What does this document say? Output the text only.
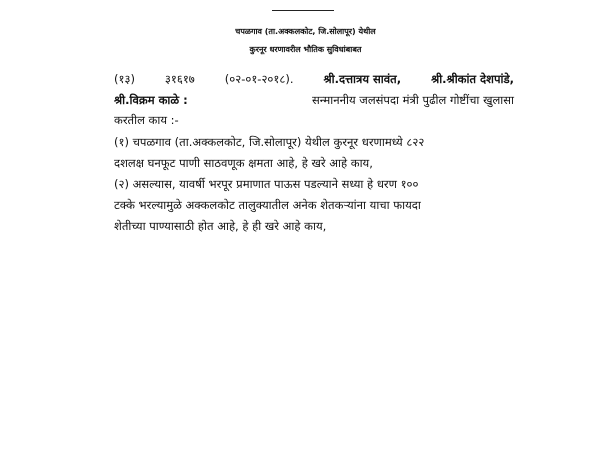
चपळगाव (ता.अक्कलकोट, जि.सोलापूर) येथील
कुरनूर धरणावरील भौतिक सुविधांबाबत
(१३)	३१६१७	(०२-०१-२०१८).	श्री.दत्तात्रय सावंत,	श्री.श्रीकांत देशपांडे,
श्री.विक्रम काळे :	सन्माननीय जलसंपदा मंत्री पुढील गोष्टींचा खुलासा
करतील काय :-
(१) चपळगाव (ता.अक्कलकोट, जि.सोलापूर) येथील कुरनूर धरणामध्ये ८२२
दशलक्ष घनफूट पाणी साठवणूक क्षमता आहे, हे खरे आहे काय,
(२) असल्यास, यावर्षी भरपूर प्रमाणात पाऊस पडल्याने सध्या हे धरण १००
टक्के भरल्यामुळे अक्कलकोट तालुक्यातील अनेक शेतकऱ्यांना याचा फायदा
शेतीच्या पाण्यासाठी होत आहे, हे ही खरे आहे काय,
